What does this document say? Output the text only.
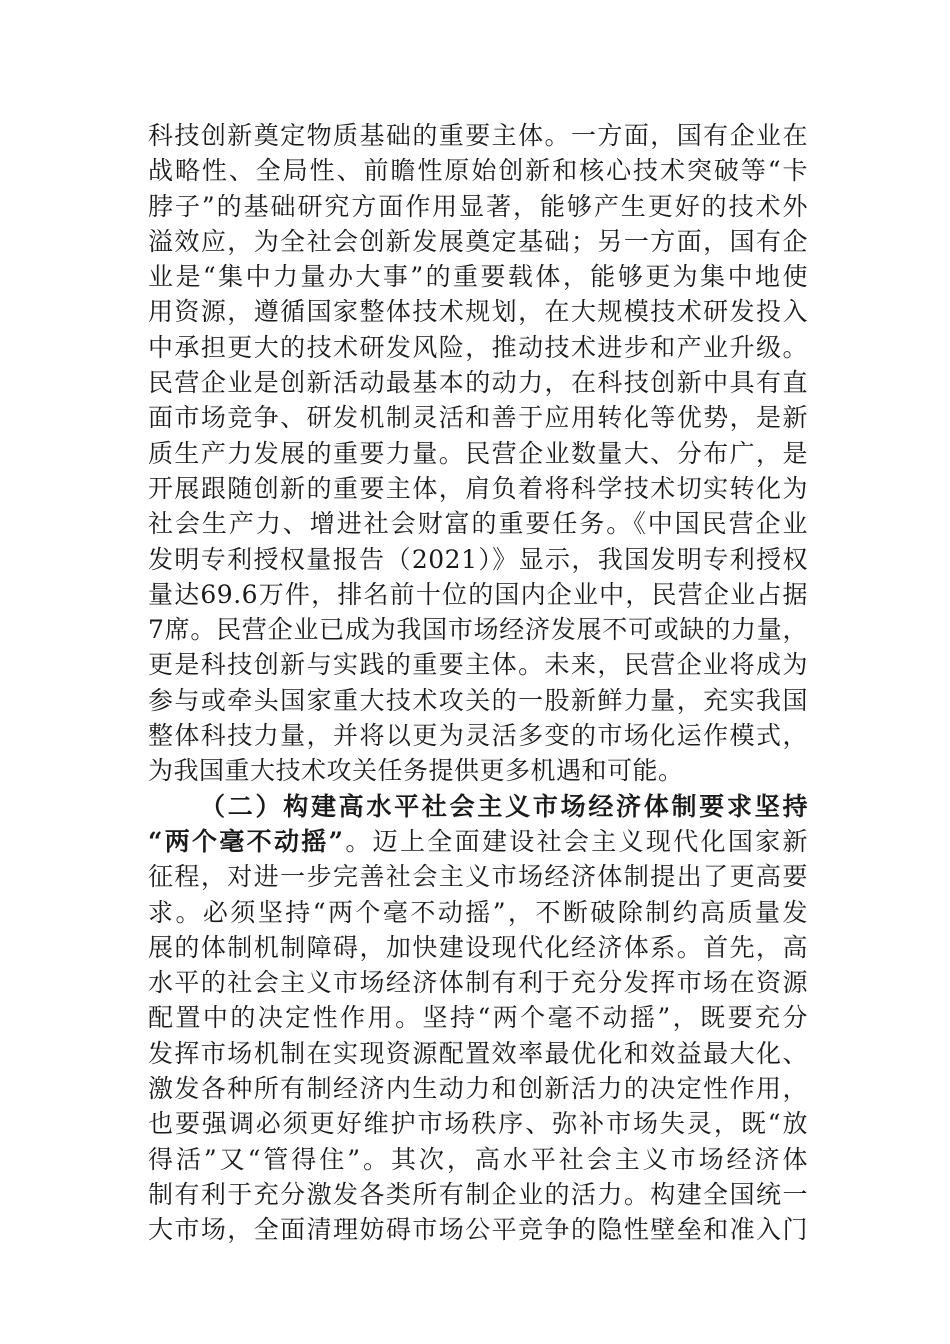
科技创新奠定物质基础的重要主体。一方面，国有企业在
战略性、全局性、前瞻性原始创新和核心技术突破等“卡
脖子”的基础研究方面作用显著，能够产生更好的技术外
溢效应，为全社会创新发展奠定基础；另一方面，国有企
业是“集中力量办大事”的重要载体，能够更为集中地使
用资源，遵循国家整体技术规划，在大规模技术研发投入
中承担更大的技术研发风险，推动技术进步和产业升级。
民营企业是创新活动最基本的动力，在科技创新中具有直
面市场竞争、研发机制灵活和善于应用转化等优势，是新
质生产力发展的重要力量。民营企业数量大、分布广，是
开展跟随创新的重要主体，肩负着将科学技术切实转化为
社会生产力、增进社会财富的重要任务。《中国民营企业
发明专利授权量报告（2021）》显示，我国发明专利授权
量达69.6万件，排名前十位的国内企业中，民营企业占据
7席。民营企业已成为我国市场经济发展不可或缺的力量，
更是科技创新与实践的重要主体。未来，民营企业将成为
参与或牵头国家重大技术攻关的一股新鲜力量，充实我国
整体科技力量，并将以更为灵活多变的市场化运作模式，
为我国重大技术攻关任务提供更多机遇和可能。
（二）构建高水平社会主义市场经济体制要求坚持
“两个毫不动摇”。迈上全面建设社会主义现代化国家新
征程，对进一步完善社会主义市场经济体制提出了更高要
求。必须坚持“两个毫不动摇”，不断破除制约高质量发
展的体制机制障碍，加快建设现代化经济体系。首先，高
水平的社会主义市场经济体制有利于充分发挥市场在资源
配置中的决定性作用。坚持“两个毫不动摇”，既要充分
发挥市场机制在实现资源配置效率最优化和效益最大化、
激发各种所有制经济内生动力和创新活力的决定性作用，
也要强调必须更好维护市场秩序、弥补市场失灵，既“放
得活”又“管得住”。其次，高水平社会主义市场经济体
制有利于充分激发各类所有制企业的活力。构建全国统一
大市场，全面清理妨碍市场公平竞争的隐性壁垒和准入门
